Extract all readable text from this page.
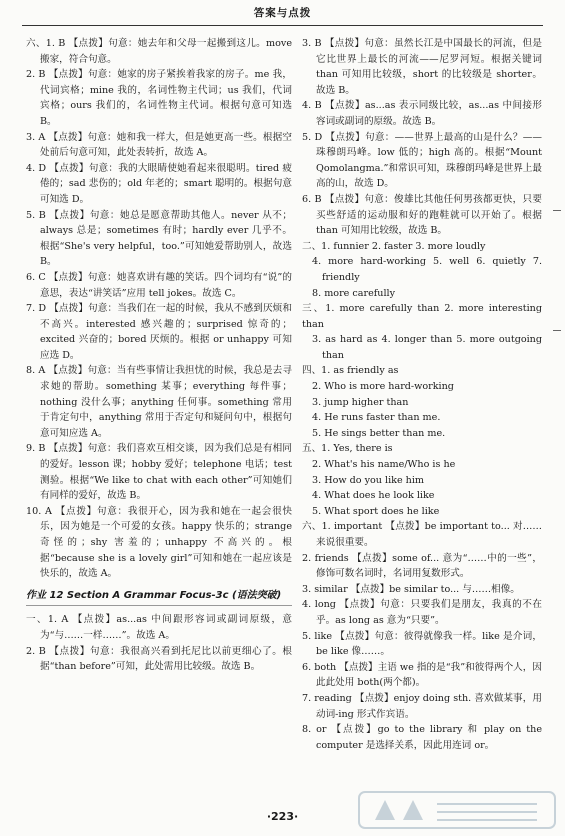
答案与点拨

六、1. B 【点拨】句意：她去年和父母一起搬到这儿。move 搬家，符合句意。

2. B 【点拨】句意：她家的房子紧挨着我家的房子。me 我，代词宾格；mine 我的，名词性物主代词；us 我们，代词宾格；ours 我们的，名词性物主代词。根据句意可知选 B。

3. A 【点拨】句意：她和我一样大，但是她更高一些。根据空处前后句意可知，此处表转折，故选 A。

4. D 【点拨】句意：我的大眼睛使她看起来很聪明。tired 疲倦的；sad 悲伤的；old 年老的；smart 聪明的。根据句意可知选 D。

5. B 【点拨】句意：她总是愿意帮助其他人。never 从不；always 总是；sometimes 有时；hardly ever 几乎不。根据“She's very helpful，too.”可知她爱帮助别人，故选 B。

6. C 【点拨】句意：她喜欢讲有趣的笑话。四个词均有“说”的意思，表达“讲笑话”应用 tell jokes。故选 C。

7. D 【点拨】句意：当我们在一起的时候，我从不感到厌烦和不高兴。interested 感兴趣的；surprised 惊奇的；excited 兴奋的；bored 厌烦的。根据 or unhappy 可知应选 D。

8. A 【点拨】句意：当有些事情让我担忧的时候，我总是去寻求她的帮助。something 某事；everything 每件事；nothing 没什么事；anything 任何事。something 常用于肯定句中，anything 常用于否定句和疑问句中，根据句意可知应选 A。

9. B 【点拨】句意：我们喜欢互相交谈，因为我们总是有相同的爱好。lesson 课；hobby 爱好；telephone 电话；test 测验。根据“We like to chat with each other”可知她们有同样的爱好，故选 B。

10. A 【点拨】句意：我很开心，因为我和她在一起会很快乐，因为她是一个可爱的女孩。happy 快乐的；strange 奇怪的；shy 害羞的；unhappy 不高兴的。根据“because she is a lovely girl”可知和她在一起应该是快乐的，故选 A。

作业 12 Section A Grammar Focus-3c (语法突破)

一、1. A 【点拨】as...as 中间跟形容词或副词原级，意为“与……一样……”。故选 A。

2. B 【点拨】句意：我很高兴看到托尼比以前更细心了。根据“than before”可知，此处需用比较级。故选 B。

3. B 【点拨】句意：虽然长江是中国最长的河流，但是它比世界上最长的河流——尼罗河短。根据关键词 than 可知用比较级，short 的比较级是 shorter。故选 B。

4. B 【点拨】as...as 表示同级比较，as...as 中间接形容词或副词的原级。故选 B。

5. D 【点拨】句意：——世界上最高的山是什么？——珠穆朗玛峰。low 低的；high 高的。根据“Mount Qomolangma.”和常识可知，珠穆朗玛峰是世界上最高的山，故选 D。

6. B 【点拨】句意：俊雄比其他任何男孩都更快，只要买些舒适的运动服和好的跑鞋就可以开始了。根据 than 可知用比较级，故选 B。

二、1. funnier 2. faster 3. more loudly

4. more hard-working 5. well 6. quietly 7. friendly

8. more carefully

三、1. more carefully than 2. more interesting than

3. as hard as 4. longer than 5. more outgoing than

四、1. as friendly as

2. Who is more hard-working

3. jump higher than

4. He runs faster than me.

5. He sings better than me.

五、1. Yes, there is

2. What's his name/Who is he

3. How do you like him

4. What does he look like

5. What sport does he like

六、1. important 【点拨】be important to... 对……来说很重要。

2. friends 【点拨】some of... 意为“……中的一些”，修饰可数名词时，名词用复数形式。

3. similar 【点拨】be similar to... 与……相像。

4. long 【点拨】句意：只要我们是朋友，我真的不在乎。as long as 意为“只要”。

5. like 【点拨】句意：彼得就像我一样。like 是介词，be like 像……。

6. both 【点拨】主语 we 指的是“我”和彼得两个人，因此此处用 both(两个都)。

7. reading 【点拨】enjoy doing sth. 喜欢做某事，用动词-ing 形式作宾语。

8. or 【点拨】go to the library 和 play on the computer 是选择关系，因此用连词 or。

·223·
